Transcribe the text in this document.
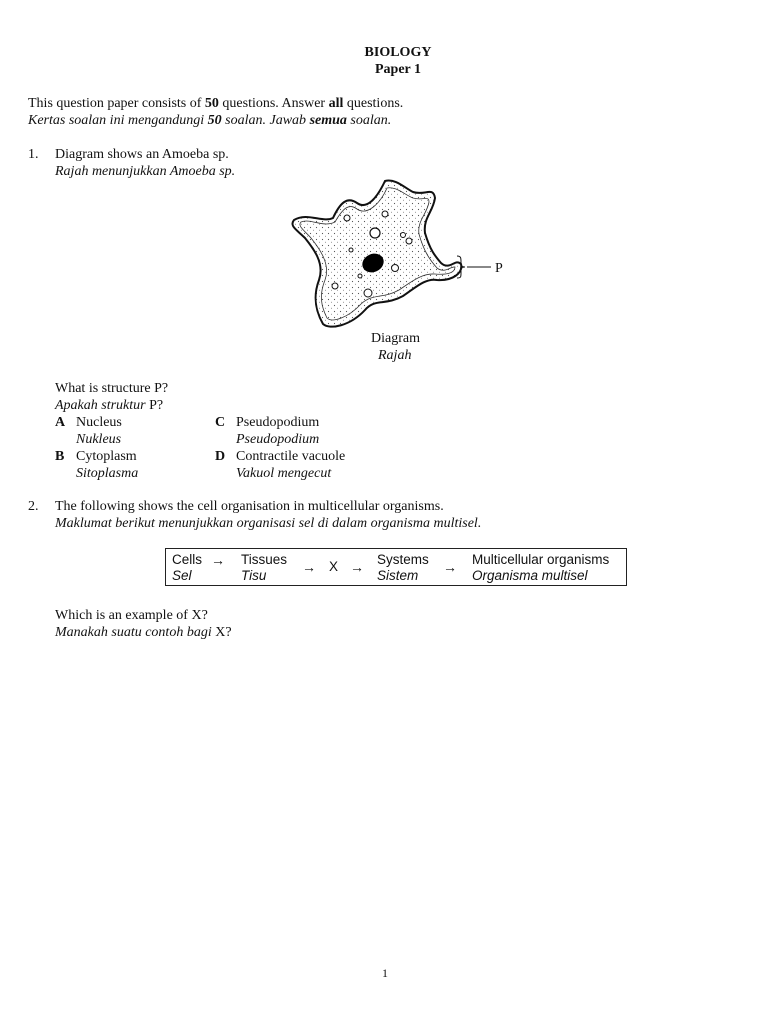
BIOLOGY
Paper 1
This question paper consists of 50 questions. Answer all questions.
Kertas soalan ini mengandungi 50 soalan. Jawab semua soalan.
1. Diagram shows an Amoeba sp.
Rajah menunjukkan Amoeba sp.
P
Diagram
Rajah
What is structure P?
Apakah struktur P?
A Nucleus
Nukleus
B Cytoplasm
Sitoplasma
C Pseudopodium
Pseudopodium
D Contractile vacuole
Vakuol mengecut
2. The following shows the cell organisation in multicellular organisms.
Maklumat berikut menunjukkan organisasi sel di dalam organisma multisel.
Cells
Sel
→ Tissues
Tisu
→ X → Systems
Sistem
→ Multicellular organisms
Organisma multisel
Which is an example of X?
Manakah suatu contoh bagi X?
1
